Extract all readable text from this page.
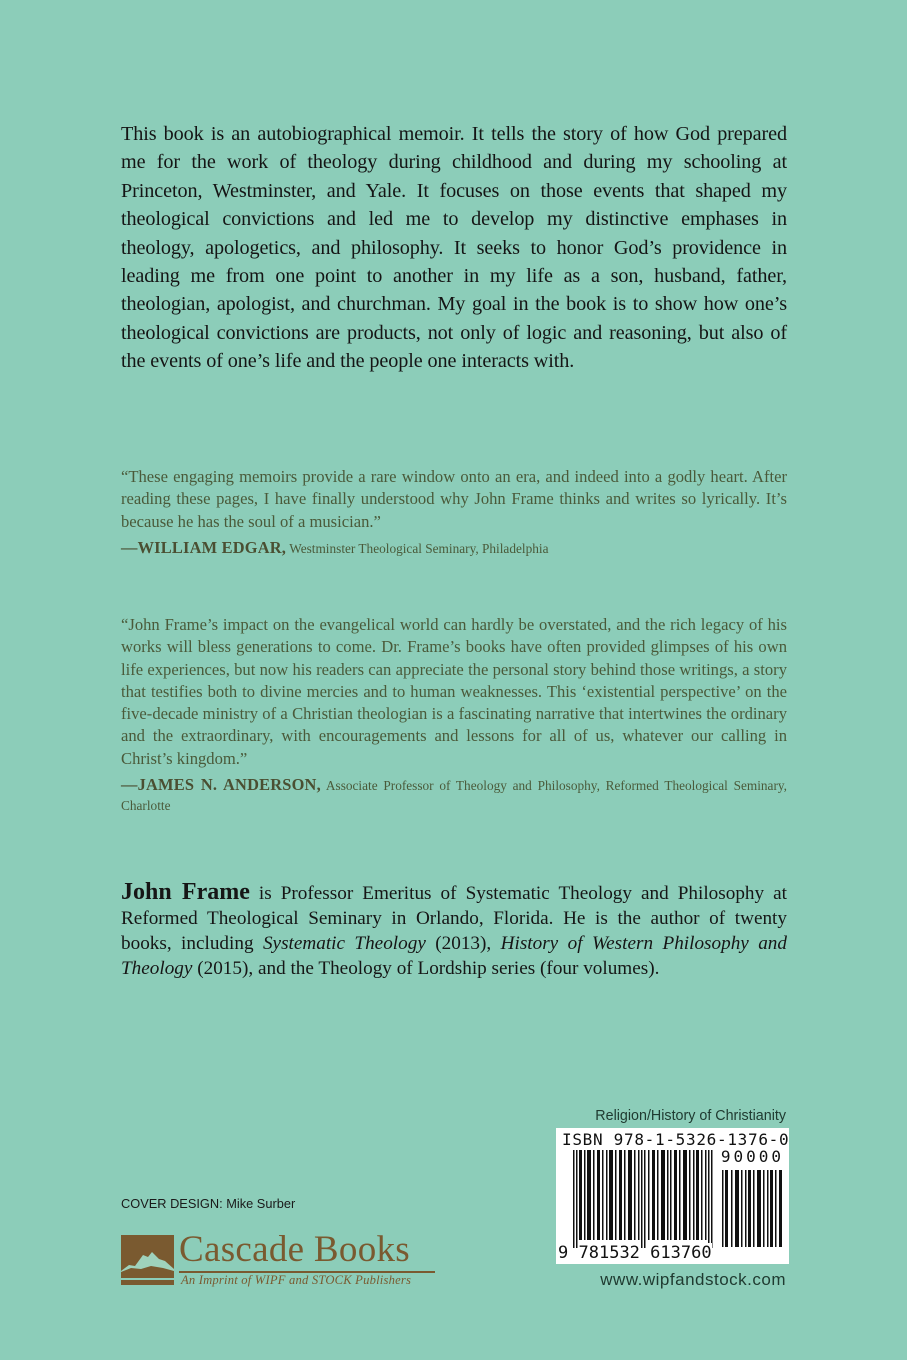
This book is an autobiographical memoir. It tells the story of how God prepared me for the work of theology during childhood and during my schooling at Princeton, Westminster, and Yale. It focuses on those events that shaped my theological convictions and led me to develop my distinctive emphases in theology, apologetics, and philosophy. It seeks to honor God’s providence in leading me from one point to another in my life as a son, husband, father, theologian, apologist, and churchman. My goal in the book is to show how one’s theological convictions are products, not only of logic and reasoning, but also of the events of one’s life and the people one interacts with.

“These engaging memoirs provide a rare window onto an era, and indeed into a godly heart. After reading these pages, I have finally understood why John Frame thinks and writes so lyrically. It’s because he has the soul of a musician.”

—WILLIAM EDGAR, Westminster Theological Seminary, Philadelphia

“John Frame’s impact on the evangelical world can hardly be overstated, and the rich legacy of his works will bless generations to come. Dr. Frame’s books have often provided glimpses of his own life experiences, but now his readers can appreciate the personal story behind those writings, a story that testifies both to divine mercies and to human weaknesses. This ‘existential perspective’ on the five-decade ministry of a Christian theologian is a fascinating narrative that intertwines the ordinary and the extraordinary, with encouragements and lessons for all of us, whatever our calling in Christ’s kingdom.”

—JAMES N. ANDERSON, Associate Professor of Theology and Philosophy, Reformed Theological Seminary, Charlotte

John Frame is Professor Emeritus of Systematic Theology and Philosophy at Reformed Theological Seminary in Orlando, Florida. He is the author of twenty books, including Systematic Theology (2013), History of Western Philosophy and Theology (2015), and the Theology of Lordship series (four volumes).

Religion/History of Christianity
ISBN 978-1-5326-1376-0
90000
9 781532 613760
www.wipfandstock.com
COVER DESIGN: Mike Surber
Cascade Books
An Imprint of WIPF and STOCK Publishers
